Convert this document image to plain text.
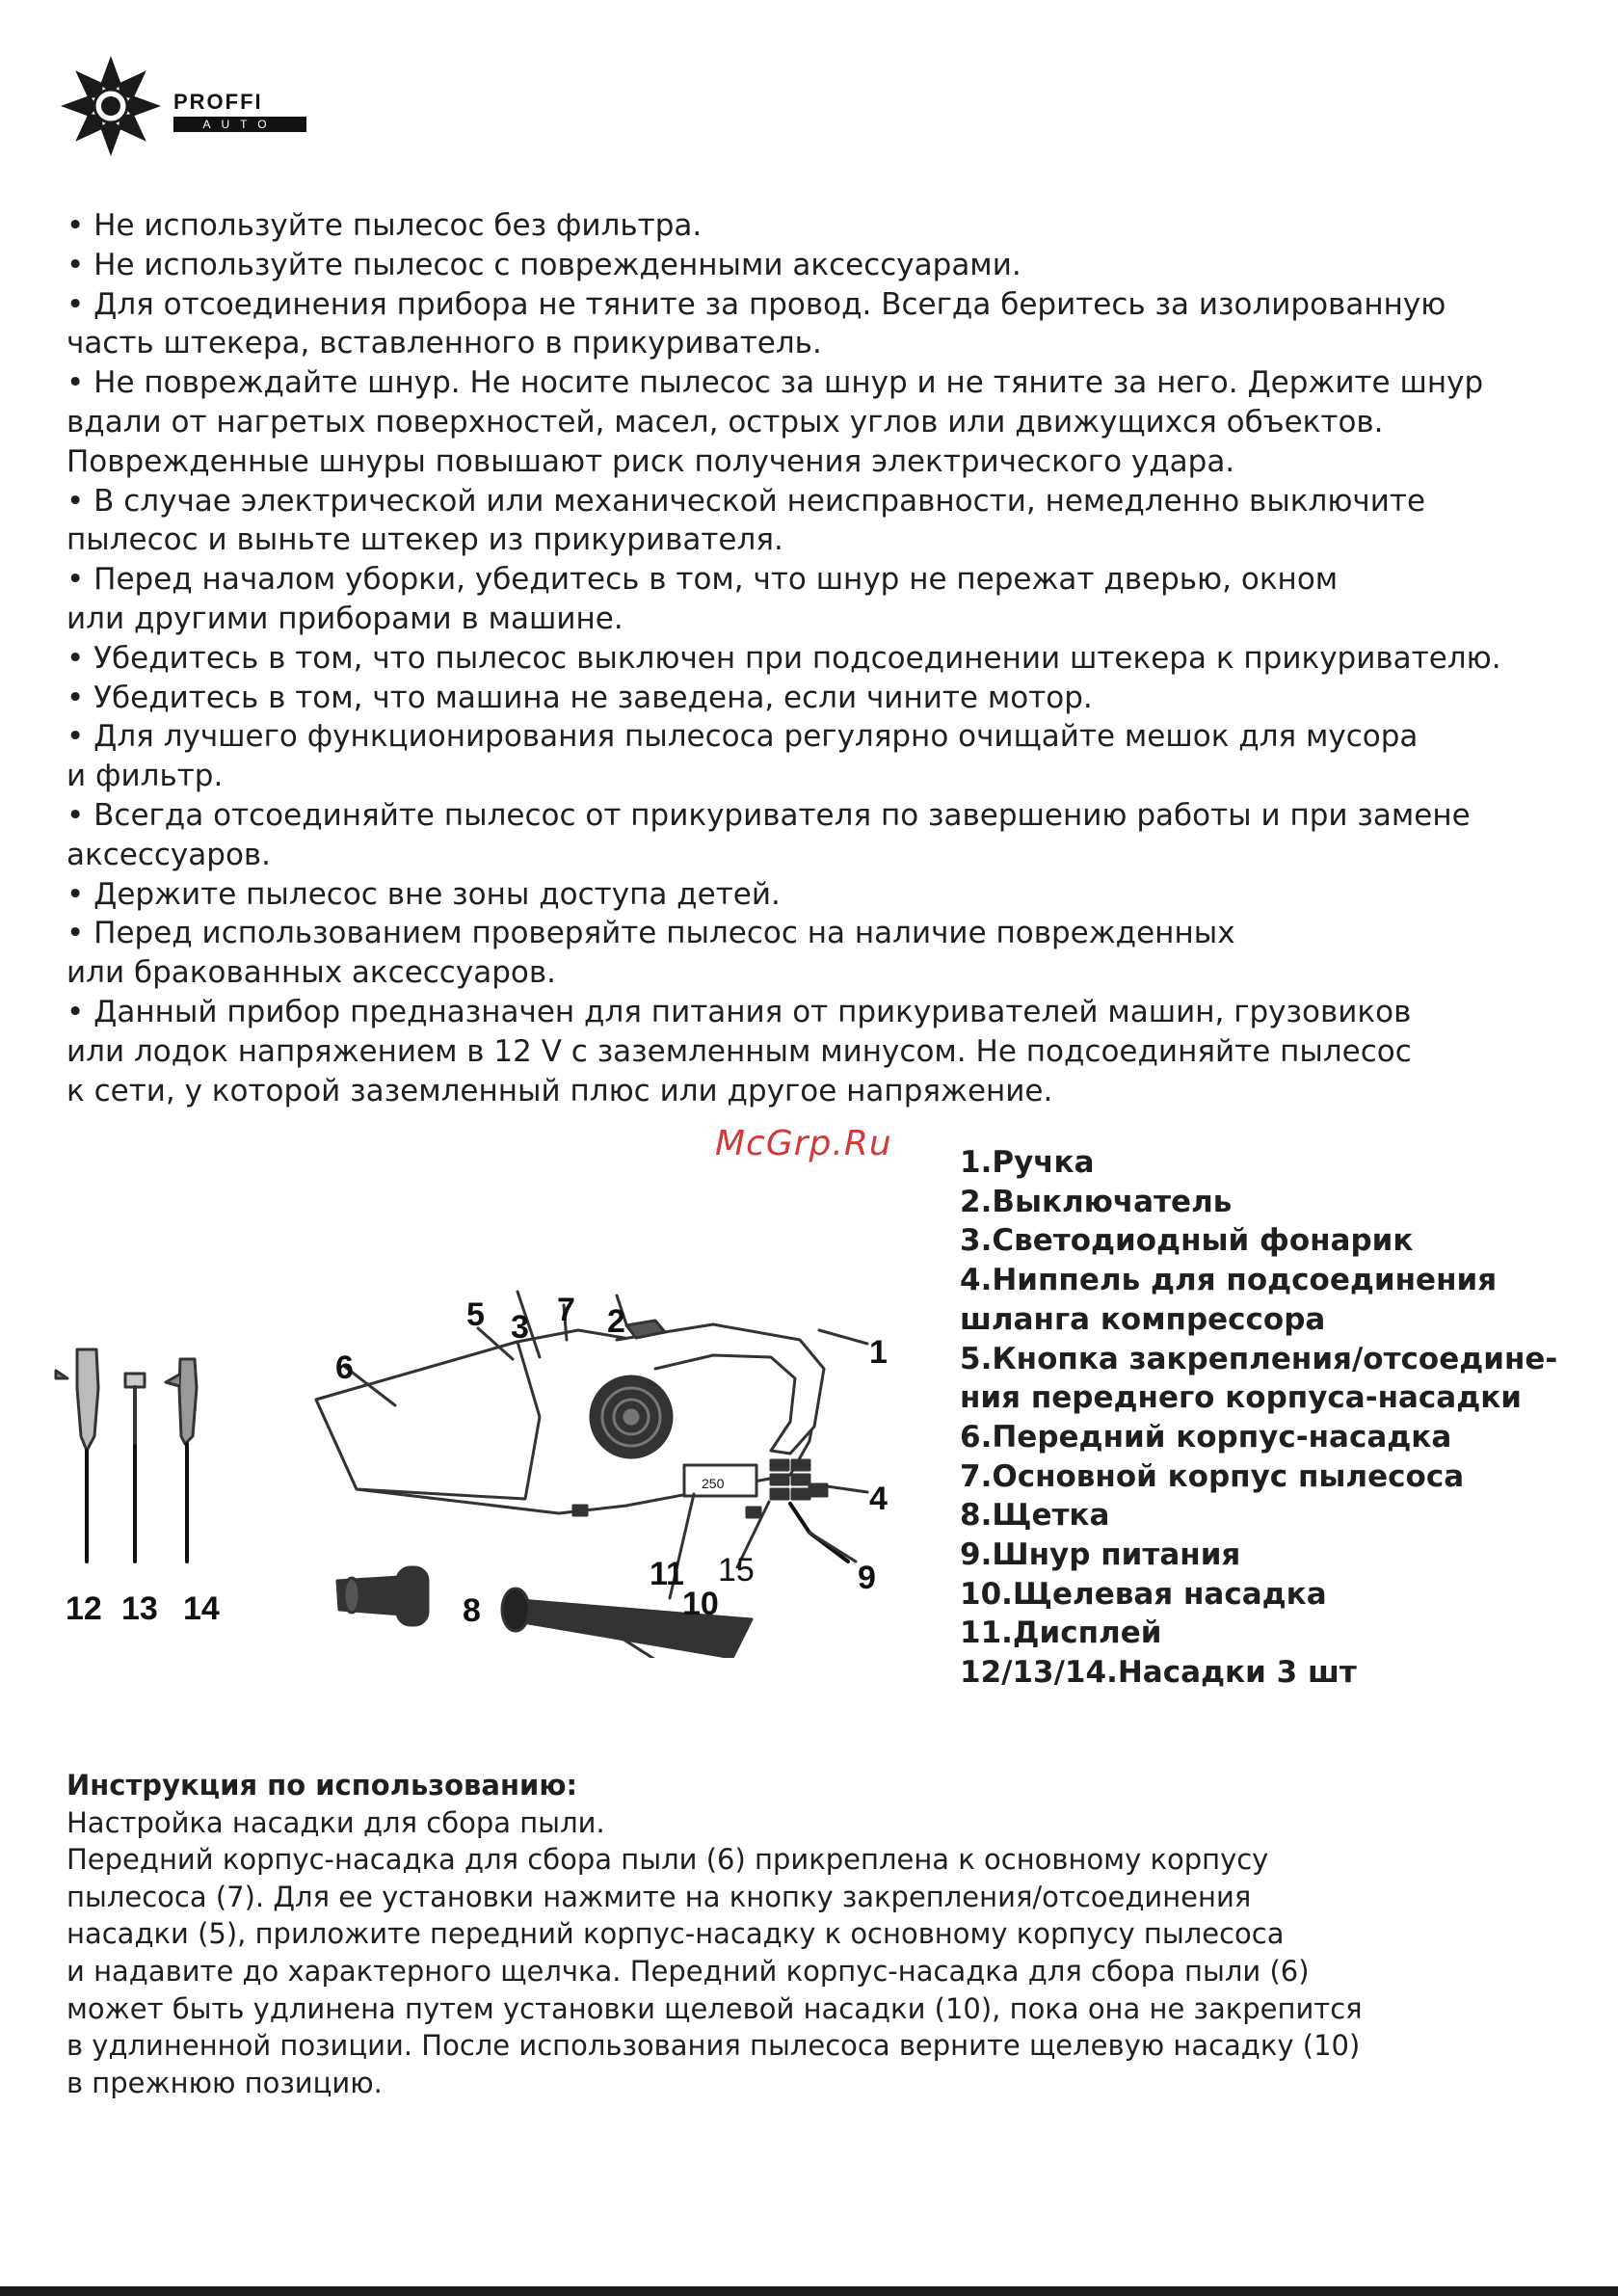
PROFFI
AUTO
• Не используйте пылесос без фильтра.
• Не используйте пылесос с поврежденными аксессуарами.
• Для отсоединения прибора не тяните за провод. Всегда беритесь за изолированную
часть штекера, вставленного в прикуриватель.
• Не повреждайте шнур. Не носите пылесос за шнур и не тяните за него. Держите шнур
вдали от нагретых поверхностей, масел, острых углов или движущихся объектов.
Поврежденные шнуры повышают риск получения электрического удара.
• В случае электрической или механической неисправности, немедленно выключите
пылесос и выньте штекер из прикуривателя.
• Перед началом уборки, убедитесь в том, что шнур не пережат дверью, окном
или другими приборами в машине.
• Убедитесь в том, что пылесос выключен при подсоединении штекера к прикуривателю.
• Убедитесь в том, что машина не заведена, если чините мотор.
• Для лучшего функционирования пылесоса регулярно очищайте мешок для мусора
и фильтр.
• Всегда отсоединяйте пылесос от прикуривателя по завершению работы и при замене
аксессуаров.
• Держите пылесос вне зоны доступа детей.
• Перед использованием проверяйте пылесос на наличие поврежденных
или бракованных аксессуаров.
• Данный прибор предназначен для питания от прикуривателей машин, грузовиков
или лодок напряжением в 12 V с заземленным минусом. Не подсоединяйте пылесос
к сети, у которой заземленный плюс или другое напряжение.
McGrp.Ru
6
5 3 7 2
1
4
9
11 15
8	10
12 13 14
250
1.Ручка
2.Выключатель
3.Светодиодный фонарик
4.Ниппель для подсоединения
шланга компрессора
5.Кнопка закрепления/отсоедине-
ния переднего корпуса-насадки
6.Передний корпус-насадка
7.Основной корпус пылесоса
8.Щетка
9.Шнур питания
10.Щелевая насадка
11.Дисплей
12/13/14.Насадки 3 шт
Инструкция по использованию:
Настройка насадки для сбора пыли.
Передний корпус-насадка для сбора пыли (6) прикреплена к основному корпусу
пылесоса (7). Для ее установки нажмите на кнопку закрепления/отсоединения
насадки (5), приложите передний корпус-насадку к основному корпусу пылесоса
и надавите до характерного щелчка. Передний корпус-насадка для сбора пыли (6)
может быть удлинена путем установки щелевой насадки (10), пока она не закрепится
в удлиненной позиции. После использования пылесоса верните щелевую насадку (10)
в прежнюю позицию.
